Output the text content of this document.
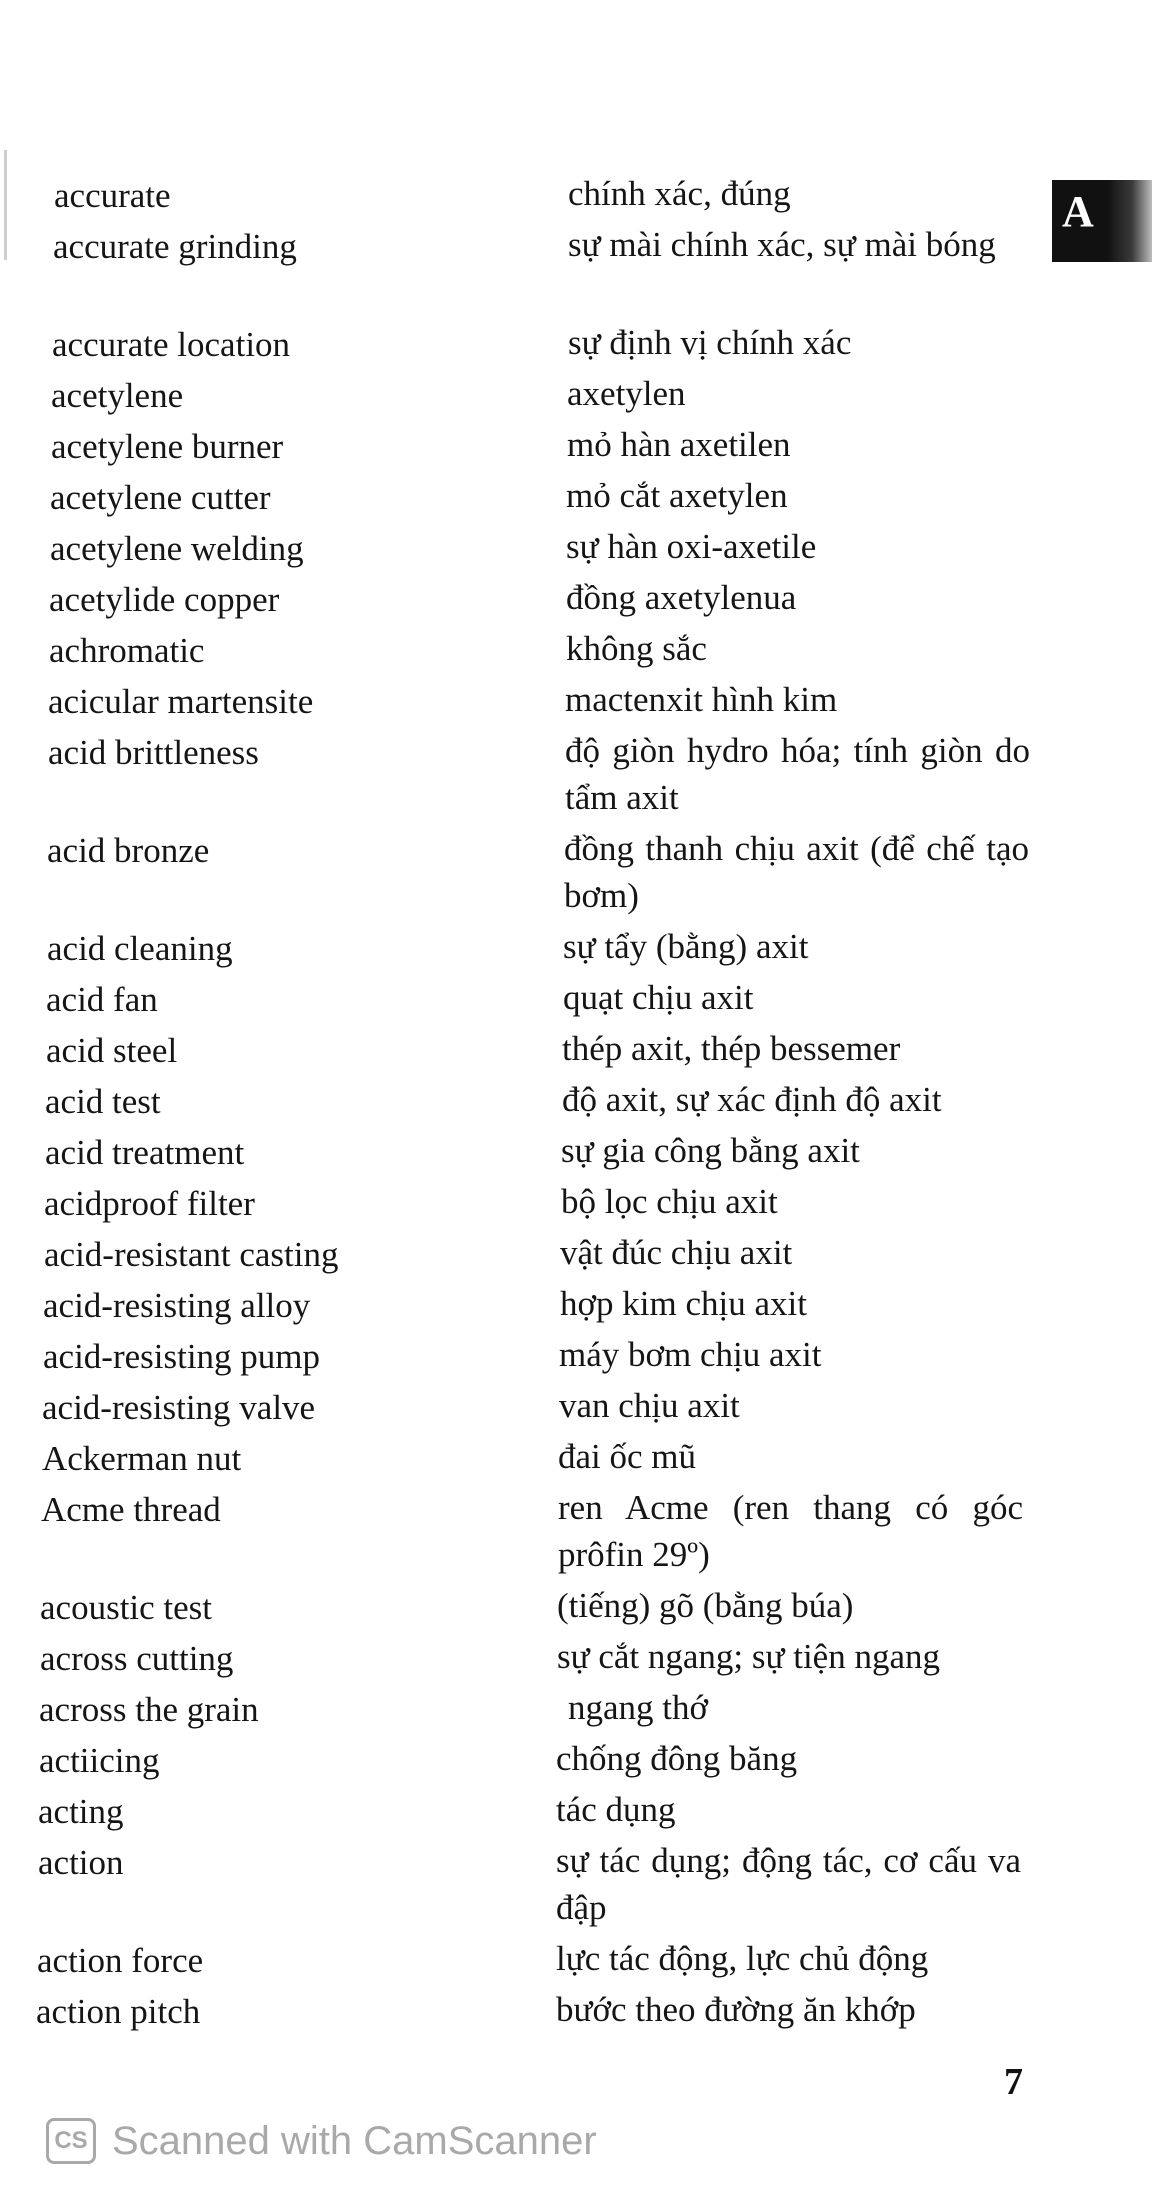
A
accurate	chính xác, đúng
accurate grinding	sự mài chính xác, sự mài bóng
accurate location	sự định vị chính xác
acetylene	axetylen
acetylene burner	mỏ hàn axetilen
acetylene cutter	mỏ cắt axetylen
acetylene welding	sự hàn oxi-axetile
acetylide copper	đồng axetylenua
achromatic	không sắc
acicular martensite	mactenxit hình kim
acid brittleness	độ giòn hydro hóa; tính giòn do tẩm axit
acid bronze	đồng thanh chịu axit (để chế tạo bơm)
acid cleaning	sự tẩy (bằng) axit
acid fan	quạt chịu axit
acid steel	thép axit, thép bessemer
acid test	độ axit, sự xác định độ axit
acid treatment	sự gia công bằng axit
acidproof filter	bộ lọc chịu axit
acid-resistant casting	vật đúc chịu axit
acid-resisting alloy	hợp kim chịu axit
acid-resisting pump	máy bơm chịu axit
acid-resisting valve	van chịu axit
Ackerman nut	đai ốc mũ
Acme thread	ren Acme (ren thang có góc prôfin 29º)
acoustic test	(tiếng) gõ (bằng búa)
across cutting	sự cắt ngang; sự tiện ngang
across the grain	ngang thớ
actiicing	chống đông băng
acting	tác dụng
action	sự tác dụng; động tác, cơ cấu va đập
action force	lực tác động, lực chủ động
action pitch	bước theo đường ăn khớp
7
CS Scanned with CamScanner
